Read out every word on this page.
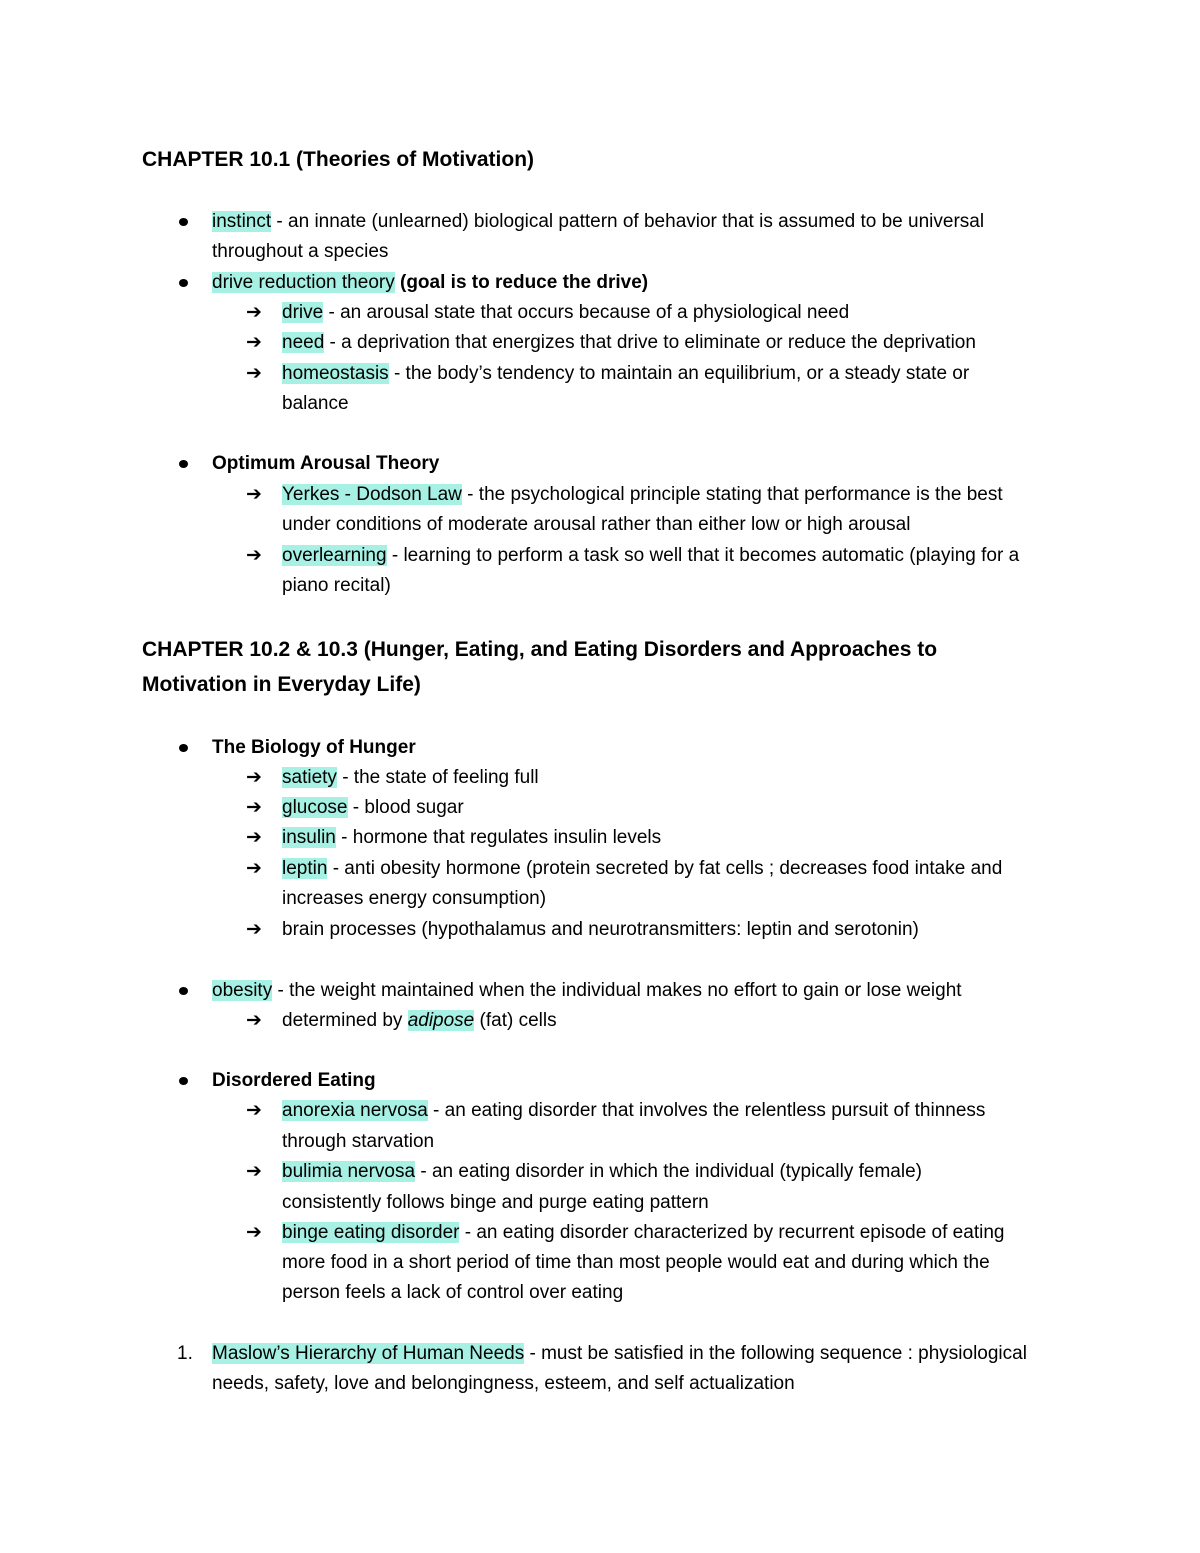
CHAPTER 10.1 (Theories of Motivation)
instinct - an innate (unlearned) biological pattern of behavior that is assumed to be universal
throughout a species
drive reduction theory (goal is to reduce the drive)
➔ drive - an arousal state that occurs because of a physiological need
➔ need - a deprivation that energizes that drive to eliminate or reduce the deprivation
➔ homeostasis - the body’s tendency to maintain an equilibrium, or a steady state or
balance
Optimum Arousal Theory
➔ Yerkes - Dodson Law - the psychological principle stating that performance is the best
under conditions of moderate arousal rather than either low or high arousal
➔ overlearning - learning to perform a task so well that it becomes automatic (playing for a
piano recital)
CHAPTER 10.2 & 10.3 (Hunger, Eating, and Eating Disorders and Approaches to
Motivation in Everyday Life)
The Biology of Hunger
➔ satiety - the state of feeling full
➔ glucose - blood sugar
➔ insulin - hormone that regulates insulin levels
➔ leptin - anti obesity hormone (protein secreted by fat cells ; decreases food intake and
increases energy consumption)
➔ brain processes (hypothalamus and neurotransmitters: leptin and serotonin)
obesity - the weight maintained when the individual makes no effort to gain or lose weight
➔ determined by adipose (fat) cells
Disordered Eating
➔ anorexia nervosa - an eating disorder that involves the relentless pursuit of thinness
through starvation
➔ bulimia nervosa - an eating disorder in which the individual (typically female)
consistently follows binge and purge eating pattern
➔ binge eating disorder - an eating disorder characterized by recurrent episode of eating
more food in a short period of time than most people would eat and during which the
person feels a lack of control over eating
1. Maslow’s Hierarchy of Human Needs - must be satisfied in the following sequence : physiological
needs, safety, love and belongingness, esteem, and self actualization
